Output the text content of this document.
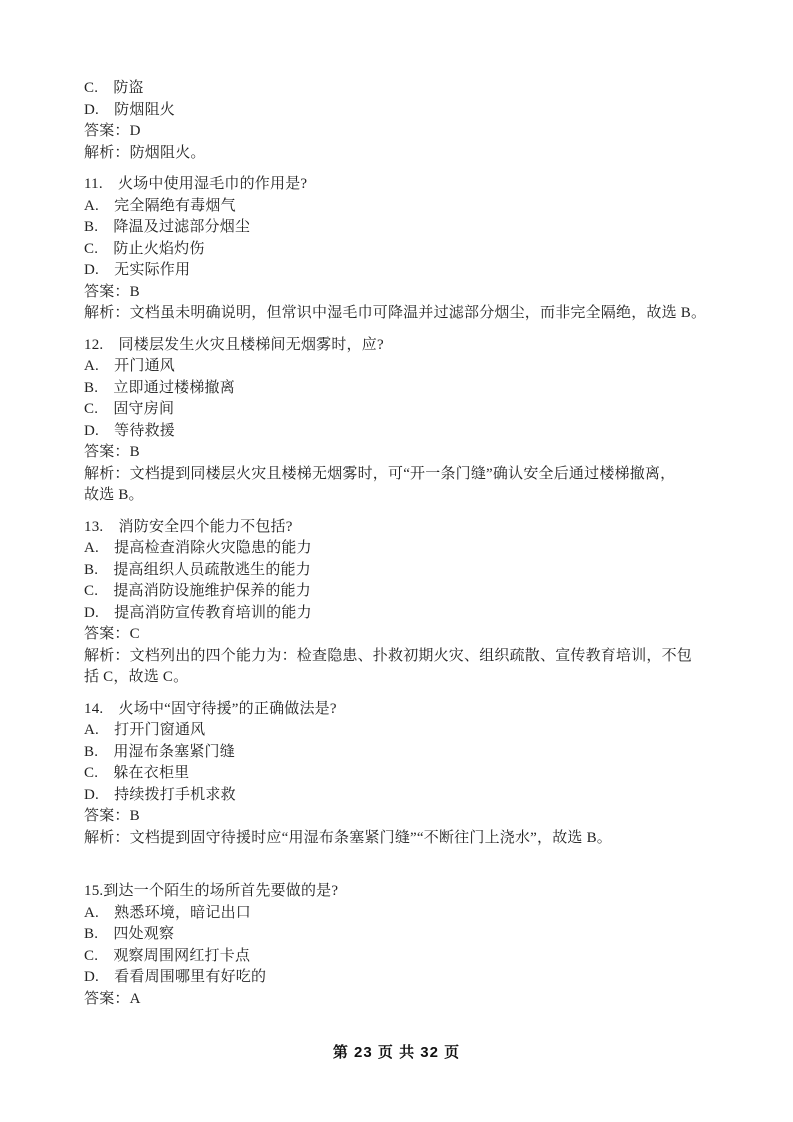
C.　防盗
D.　防烟阻火
答案：D
解析：防烟阻火。
11.　火场中使用湿毛巾的作用是?
A.　完全隔绝有毒烟气
B.　降温及过滤部分烟尘
C.　防止火焰灼伤
D.　无实际作用
答案：B
解析：文档虽未明确说明，但常识中湿毛巾可降温并过滤部分烟尘，而非完全隔绝，故选 B。
12.　同楼层发生火灾且楼梯间无烟雾时，应?
A.　开门通风
B.　立即通过楼梯撤离
C.　固守房间
D.　等待救援
答案：B
解析：文档提到同楼层火灾且楼梯无烟雾时，可“开一条门缝”确认安全后通过楼梯撤离，
故选 B。
13.　消防安全四个能力不包括?
A.　提高检查消除火灾隐患的能力
B.　提高组织人员疏散逃生的能力
C.　提高消防设施维护保养的能力
D.　提高消防宣传教育培训的能力
答案：C
解析：文档列出的四个能力为：检查隐患、扑救初期火灾、组织疏散、宣传教育培训，不包
括 C，故选 C。
14.　火场中“固守待援”的正确做法是?
A.　打开门窗通风
B.　用湿布条塞紧门缝
C.　躲在衣柜里
D.　持续拨打手机求救
答案：B
解析：文档提到固守待援时应“用湿布条塞紧门缝”“不断往门上浇水”，故选 B。
15.到达一个陌生的场所首先要做的是?
A.　熟悉环境，暗记出口
B.　四处观察
C.　观察周围网红打卡点
D.　看看周围哪里有好吃的
答案：A
第 23 页 共 32 页
